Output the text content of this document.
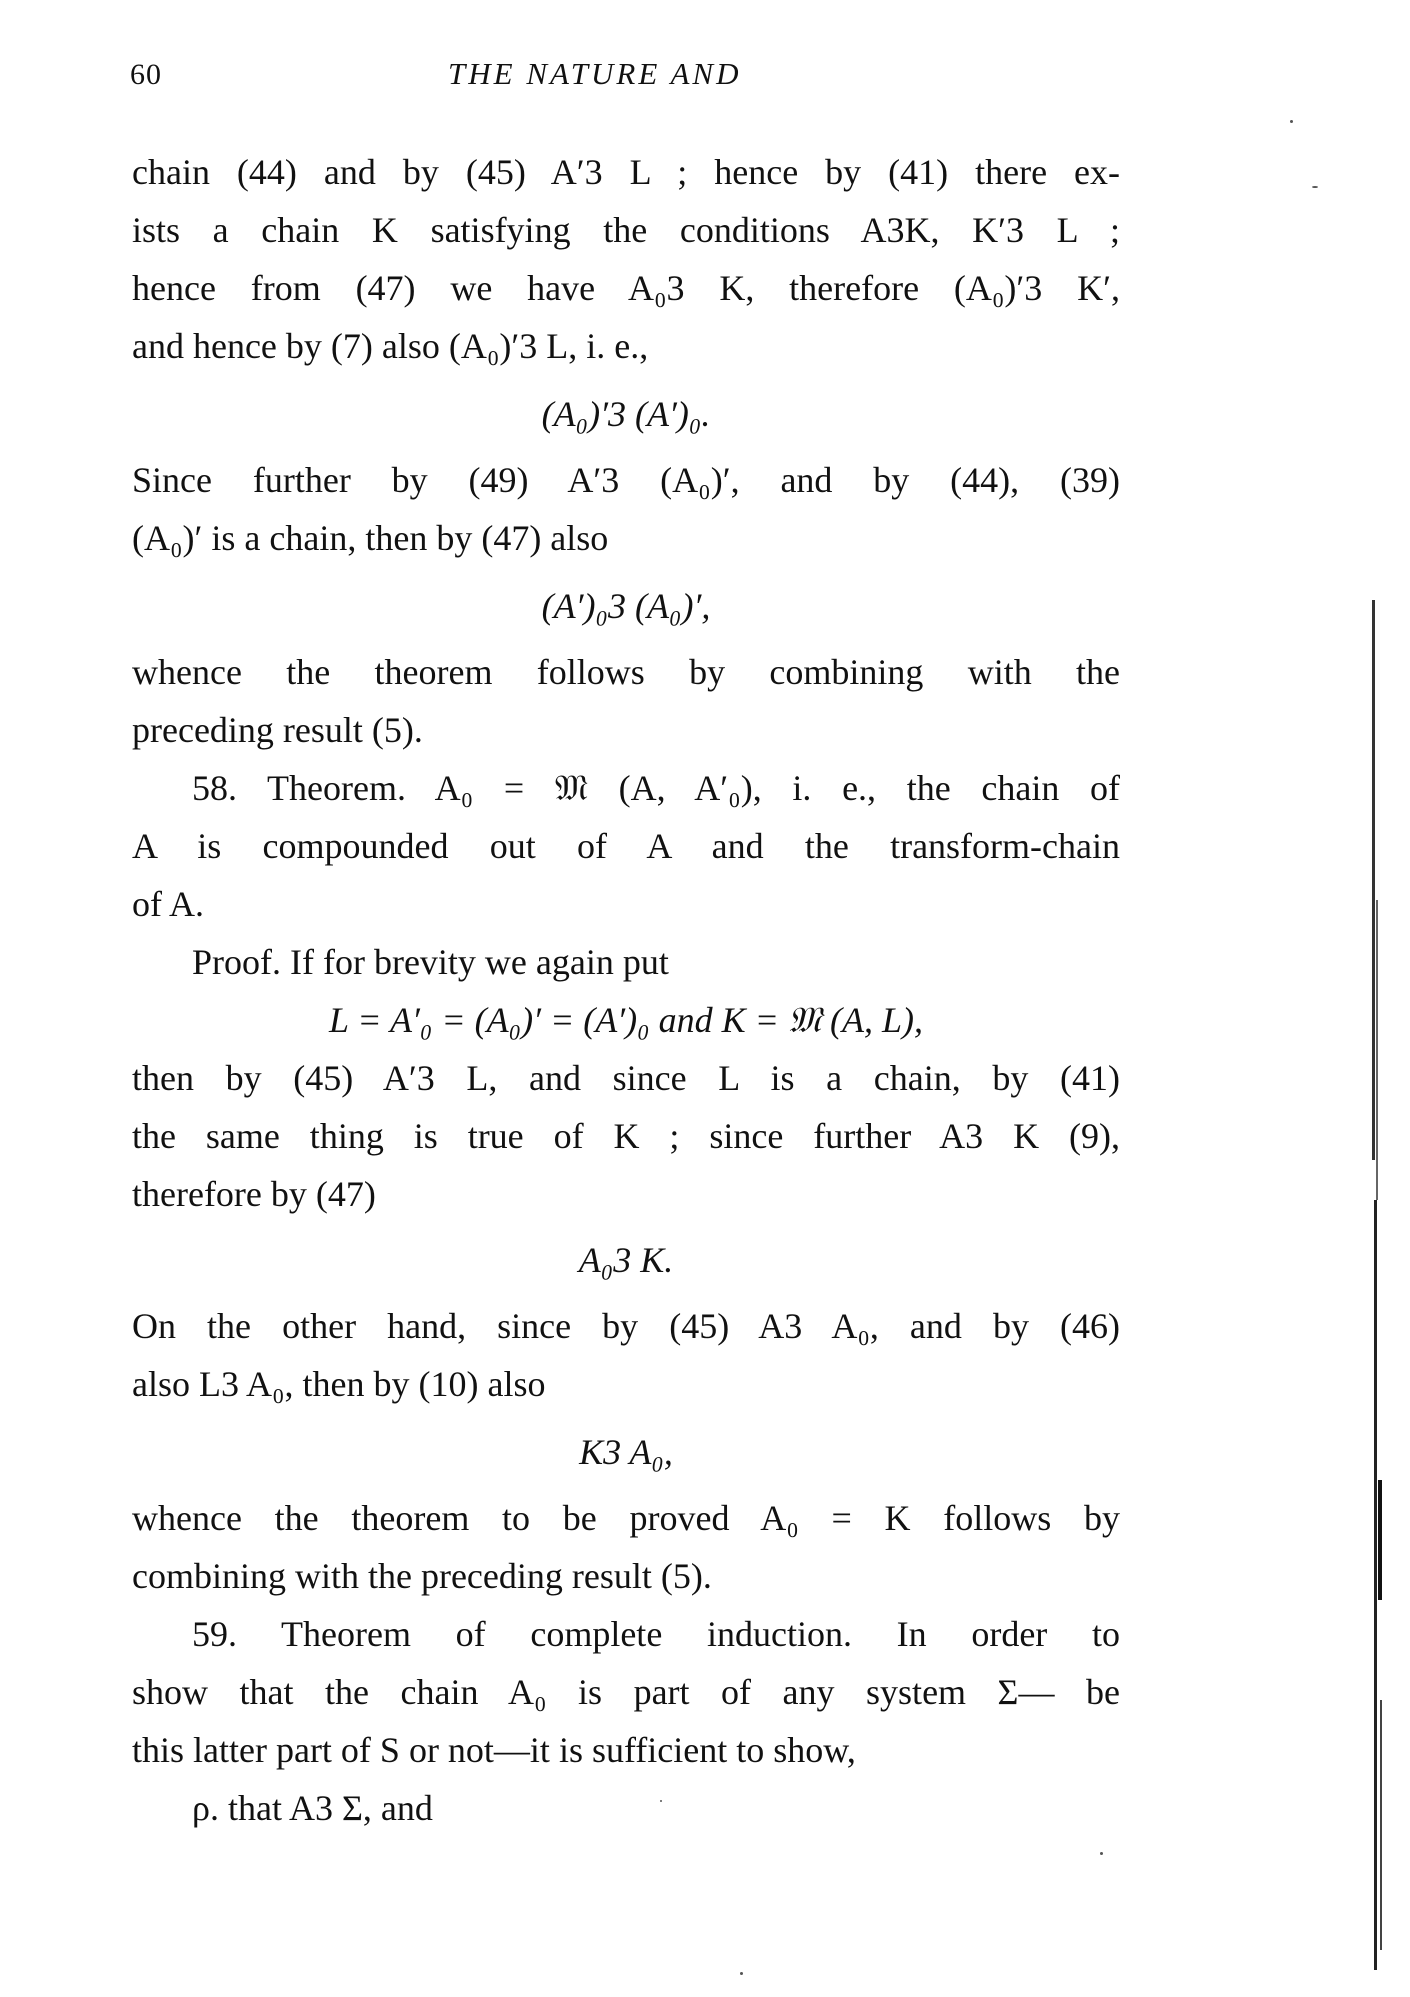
60	THE NATURE AND
chain (44) and by (45) A′3 L ; hence by (41) there ex-
ists a chain K satisfying the conditions A3K, K′3 L ;
hence from (47) we have A₀3 K, therefore (A₀)′3 K′,
and hence by (7) also (A₀)′3 L, i. e.,
(A₀)′3 (A′)₀.
Since further by (49) A′3 (A₀)′, and by (44), (39)
(A₀)′ is a chain, then by (47) also
(A′)₀3 (A₀)′,
whence the theorem follows by combining with the
preceding result (5).
58. Theorem. A₀ = 𝔐 (A, A′₀), i. e., the chain of
A is compounded out of A and the transform-chain
of A.
Proof. If for brevity we again put
L = A′₀ = (A₀)′ = (A′)₀ and K = 𝔐 (A, L),
then by (45) A′3 L, and since L is a chain, by (41)
the same thing is true of K ; since further A3 K (9),
therefore by (47)
A₀3 K.
On the other hand, since by (45) A3 A₀, and by (46)
also L3 A₀, then by (10) also
K3 A₀,
whence the theorem to be proved A₀ = K follows by
combining with the preceding result (5).
59. Theorem of complete induction. In order to
show that the chain A₀ is part of any system Σ— be
this latter part of S or not—it is sufficient to show,
ρ. that A3 Σ, and
